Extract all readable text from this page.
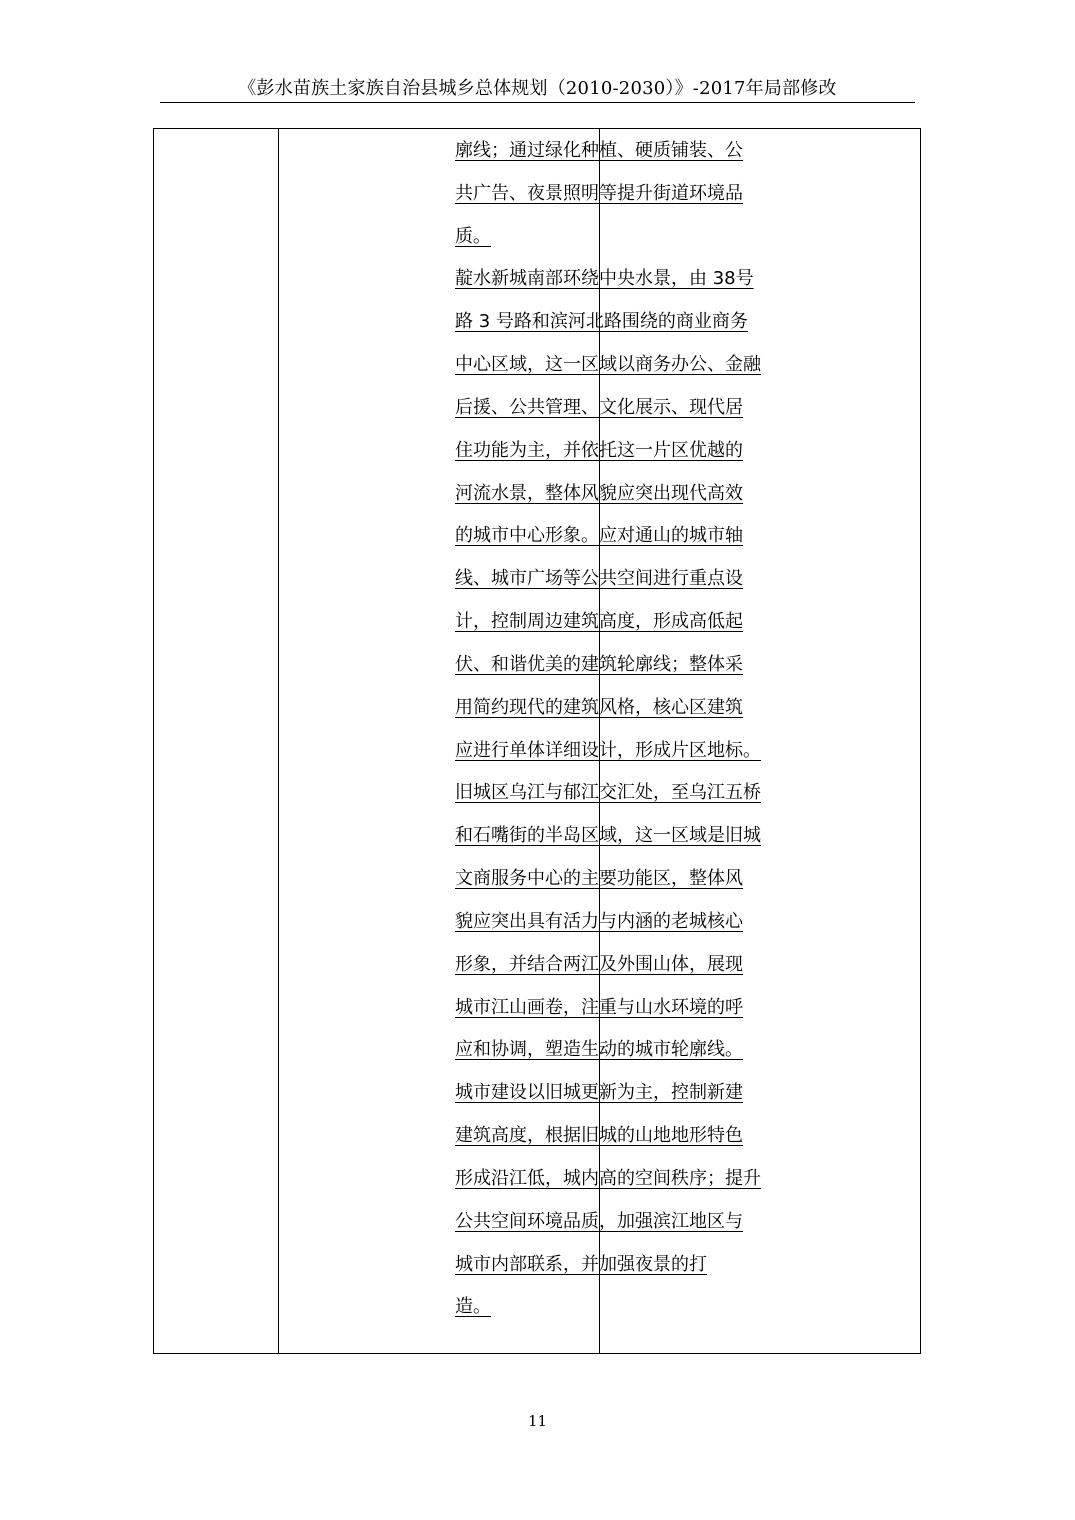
《彭水苗族土家族自治县城乡总体规划（2010-2030）》-2017年局部修改
廓线；通过绿化种植、硬质铺装、公
共广告、夜景照明等提升街道环境品
质。
靛水新城南部环绕中央水景，由 38号
路 3 号路和滨河北路围绕的商业商务
中心区域，这一区域以商务办公、金融
后援、公共管理、文化展示、现代居
住功能为主，并依托这一片区优越的
河流水景，整体风貌应突出现代高效
的城市中心形象。应对通山的城市轴
线、城市广场等公共空间进行重点设
计，控制周边建筑高度，形成高低起
伏、和谐优美的建筑轮廓线；整体采
用简约现代的建筑风格，核心区建筑
应进行单体详细设计，形成片区地标。
旧城区乌江与郁江交汇处，至乌江五桥
和石嘴街的半岛区域，这一区域是旧城
文商服务中心的主要功能区，整体风
貌应突出具有活力与内涵的老城核心
形象，并结合两江及外围山体，展现
城市江山画卷，注重与山水环境的呼
应和协调，塑造生动的城市轮廓线。
城市建设以旧城更新为主，控制新建
建筑高度，根据旧城的山地地形特色
形成沿江低，城内高的空间秩序；提升
公共空间环境品质，加强滨江地区与
城市内部联系，并加强夜景的打
造。
11
